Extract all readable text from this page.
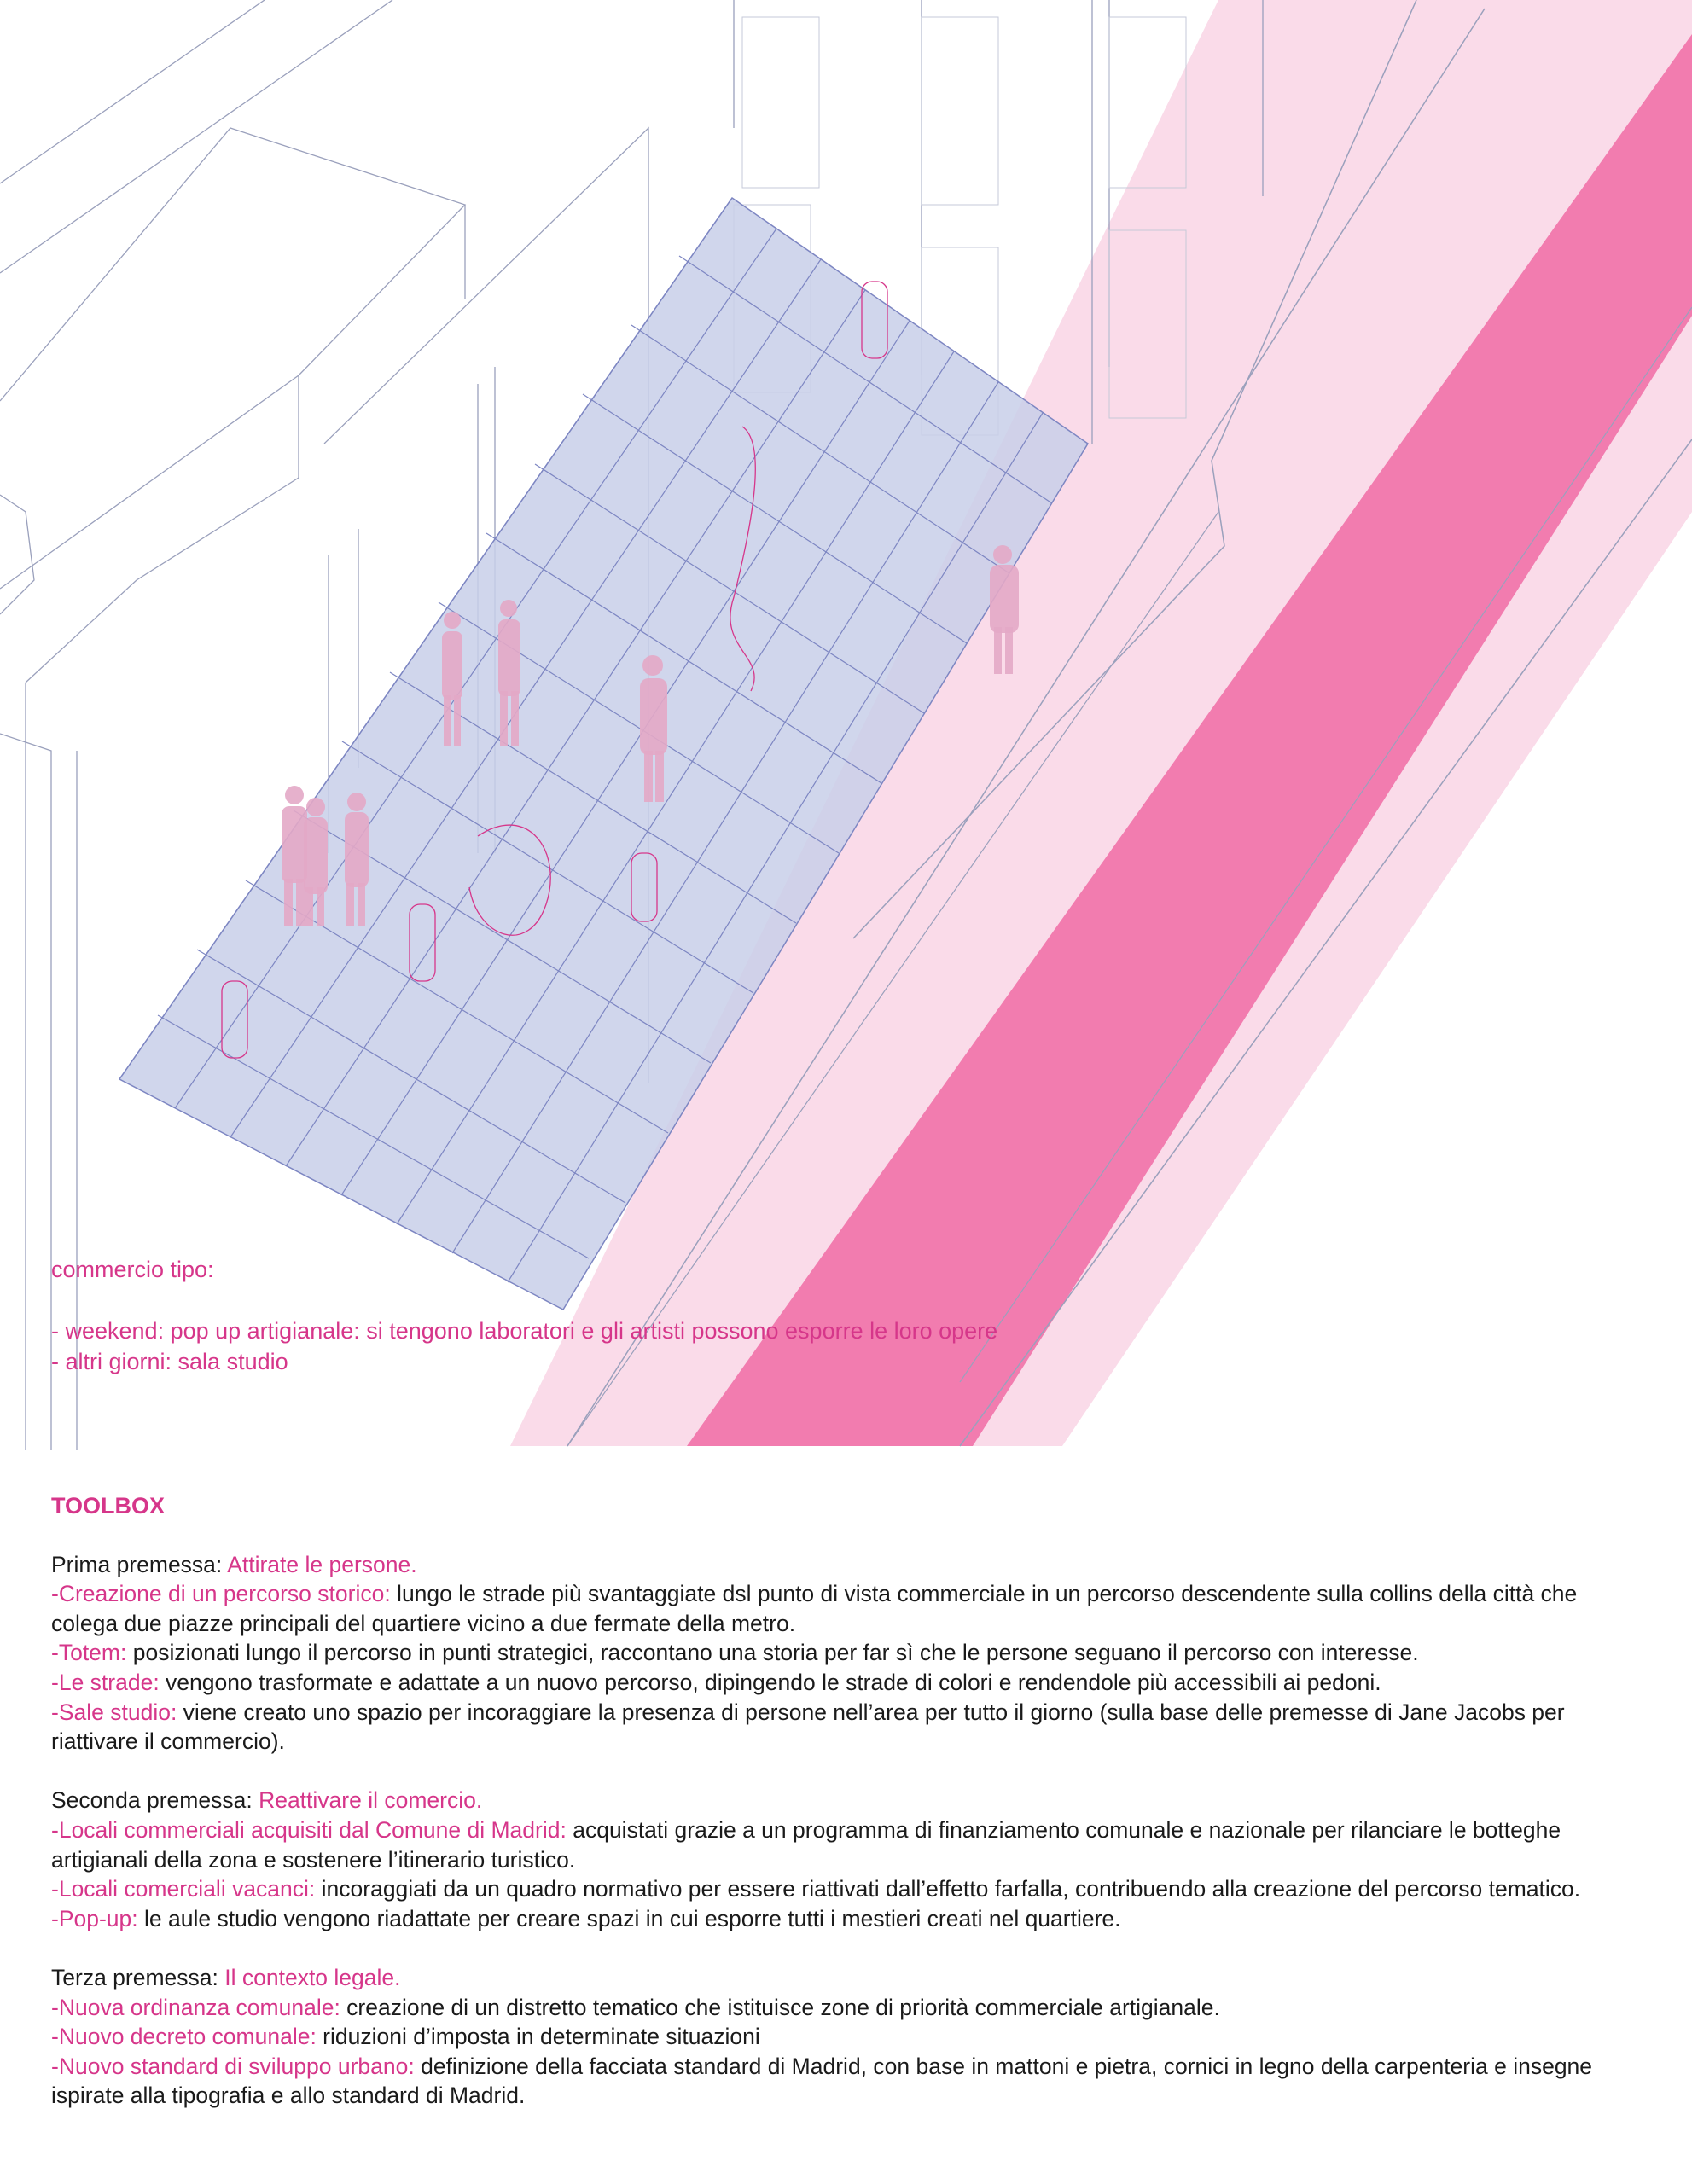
commercio tipo:

- weekend: pop up artigianale: si tengono laboratori e gli artisti possono esporre le loro opere
- altri giorni: sala studio
TOOLBOX

Prima premessa: Attirate le persone.

-Creazione di un percorso storico: lungo le strade più svantaggiate dsl punto di vista commerciale in un percorso descendente sulla collins della città che colega due piazze principali del quartiere vicino a due fermate della metro.

-Totem: posizionati lungo il percorso in punti strategici, raccontano una storia per far sì che le persone seguano il percorso con interesse.

-Le strade: vengono trasformate e adattate a un nuovo percorso, dipingendo le strade di colori e rendendole più accessibili ai pedoni.

-Sale studio: viene creato uno spazio per incoraggiare la presenza di persone nell’area per tutto il giorno (sulla base delle premesse di Jane Jacobs per riattivare il commercio).

Seconda premessa: Reattivare il comercio.

-Locali commerciali acquisiti dal Comune di Madrid: acquistati grazie a un programma di finanziamento comunale e nazionale per rilanciare le botteghe artigianali della zona e sostenere l’itinerario turistico.

-Locali comerciali vacanci: incoraggiati da un quadro normativo per essere riattivati dall’effetto farfalla, contribuendo alla creazione del percorso tematico.

-Pop-up: le aule studio vengono riadattate per creare spazi in cui esporre tutti i mestieri creati nel quartiere.

Terza premessa: Il contexto legale.

-Nuova ordinanza comunale: creazione di un distretto tematico che istituisce zone di priorità commerciale artigianale.

-Nuovo decreto comunale: riduzioni d’imposta in determinate situazioni

-Nuovo standard di sviluppo urbano: definizione della facciata standard di Madrid, con base in mattoni e pietra, cornici in legno della carpenteria e insegne ispirate alla tipografia e allo standard di Madrid.
